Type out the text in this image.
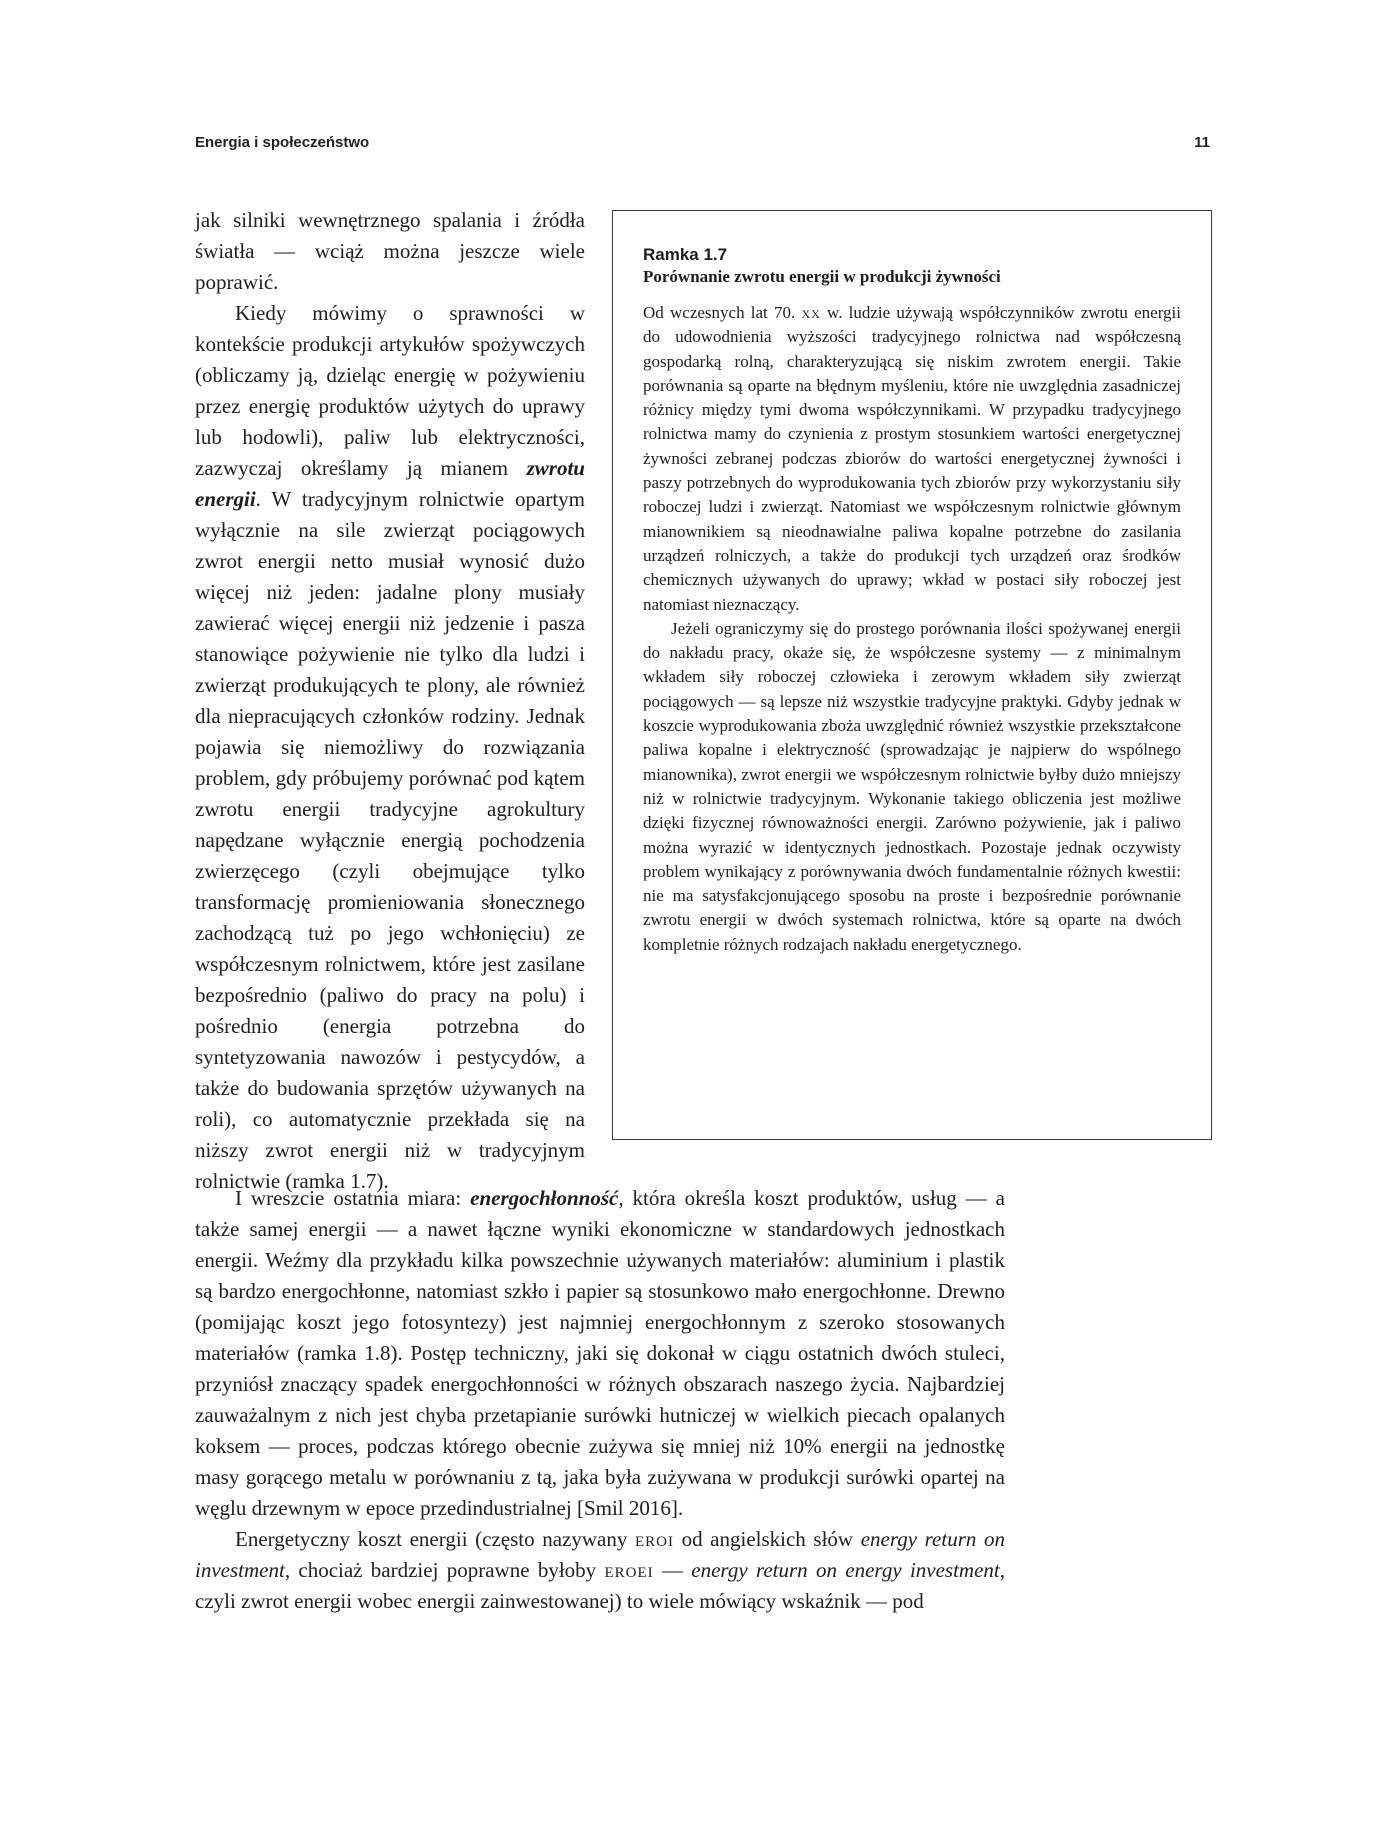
Energia i społeczeństwo	11

jak silniki wewnętrznego spalania i źródła światła — wciąż można jeszcze wiele poprawić.

Kiedy mówimy o sprawności w kontekście produkcji artykułów spożywczych (obliczamy ją, dzieląc energię w pożywieniu przez energię produktów użytych do uprawy lub hodowli), paliw lub elektryczności, zazwyczaj określamy ją mianem zwrotu energii. W tradycyjnym rolnictwie opartym wyłącznie na sile zwierząt pociągowych zwrot energii netto musiał wynosić dużo więcej niż jeden: jadalne plony musiały zawierać więcej energii niż jedzenie i pasza stanowiące pożywienie nie tylko dla ludzi i zwierząt produkujących te plony, ale również dla niepracujących członków rodziny. Jednak pojawia się niemożliwy do rozwiązania problem, gdy próbujemy porównać pod kątem zwrotu energii tradycyjne agrokultury napędzane wyłącznie energią pochodzenia zwierzęcego (czyli obejmujące tylko transformację promieniowania słonecznego zachodzącą tuż po jego wchłonięciu) ze współczesnym rolnictwem, które jest zasilane bezpośrednio (paliwo do pracy na polu) i pośrednio (energia potrzebna do syntetyzowania nawozów i pestycydów, a także do budowania sprzętów używanych na roli), co automatycznie przekłada się na niższy zwrot energii niż w tradycyjnym rolnictwie (ramka 1.7).

Ramka 1.7
Porównanie zwrotu energii w produkcji żywności

Od wczesnych lat 70. xx w. ludzie używają współczynników zwrotu energii do udowodnienia wyższości tradycyjnego rolnictwa nad współczesną gospodarką rolną, charakteryzującą się niskim zwrotem energii. Takie porównania są oparte na błędnym myśleniu, które nie uwzględnia zasadniczej różnicy między tymi dwoma współczynnikami. W przypadku tradycyjnego rolnictwa mamy do czynienia z prostym stosunkiem wartości energetycznej żywności zebranej podczas zbiorów do wartości energetycznej żywności i paszy potrzebnych do wyprodukowania tych zbiorów przy wykorzystaniu siły roboczej ludzi i zwierząt. Natomiast we współczesnym rolnictwie głównym mianownikiem są nieodnawialne paliwa kopalne potrzebne do zasilania urządzeń rolniczych, a także do produkcji tych urządzeń oraz środków chemicznych używanych do uprawy; wkład w postaci siły roboczej jest natomiast nieznaczący.

Jeżeli ograniczymy się do prostego porównania ilości spożywanej energii do nakładu pracy, okaże się, że współczesne systemy — z minimalnym wkładem siły roboczej człowieka i zerowym wkładem siły zwierząt pociągowych — są lepsze niż wszystkie tradycyjne praktyki. Gdyby jednak w koszcie wyprodukowania zboża uwzględnić również wszystkie przekształcone paliwa kopalne i elektryczność (sprowadzając je najpierw do wspólnego mianownika), zwrot energii we współczesnym rolnictwie byłby dużo mniejszy niż w rolnictwie tradycyjnym. Wykonanie takiego obliczenia jest możliwe dzięki fizycznej równoważności energii. Zarówno pożywienie, jak i paliwo można wyrazić w identycznych jednostkach. Pozostaje jednak oczywisty problem wynikający z porównywania dwóch fundamentalnie różnych kwestii: nie ma satysfakcjonującego sposobu na proste i bezpośrednie porównanie zwrotu energii w dwóch systemach rolnictwa, które są oparte na dwóch kompletnie różnych rodzajach nakładu energetycznego.

I wreszcie ostatnia miara: energochłonność, która określa koszt produktów, usług — a także samej energii — a nawet łączne wyniki ekonomiczne w standardowych jednostkach energii. Weźmy dla przykładu kilka powszechnie używanych materiałów: aluminium i plastik są bardzo energochłonne, natomiast szkło i papier są stosunkowo mało energochłonne. Drewno (pomijając koszt jego fotosyntezy) jest najmniej energochłonnym z szeroko stosowanych materiałów (ramka 1.8). Postęp techniczny, jaki się dokonał w ciągu ostatnich dwóch stuleci, przyniósł znaczący spadek energochłonności w różnych obszarach naszego życia. Najbardziej zauważalnym z nich jest chyba przetapianie surówki hutniczej w wielkich piecach opalanych koksem — proces, podczas którego obecnie zużywa się mniej niż 10% energii na jednostkę masy gorącego metalu w porównaniu z tą, jaka była zużywana w produkcji surówki opartej na węglu drzewnym w epoce przedindustrialnej [Smil 2016].

Energetyczny koszt energii (często nazywany eroi od angielskich słów energy return on investment, chociaż bardziej poprawne byłoby eroei — energy return on energy investment, czyli zwrot energii wobec energii zainwestowanej) to wiele mówiący wskaźnik — pod
